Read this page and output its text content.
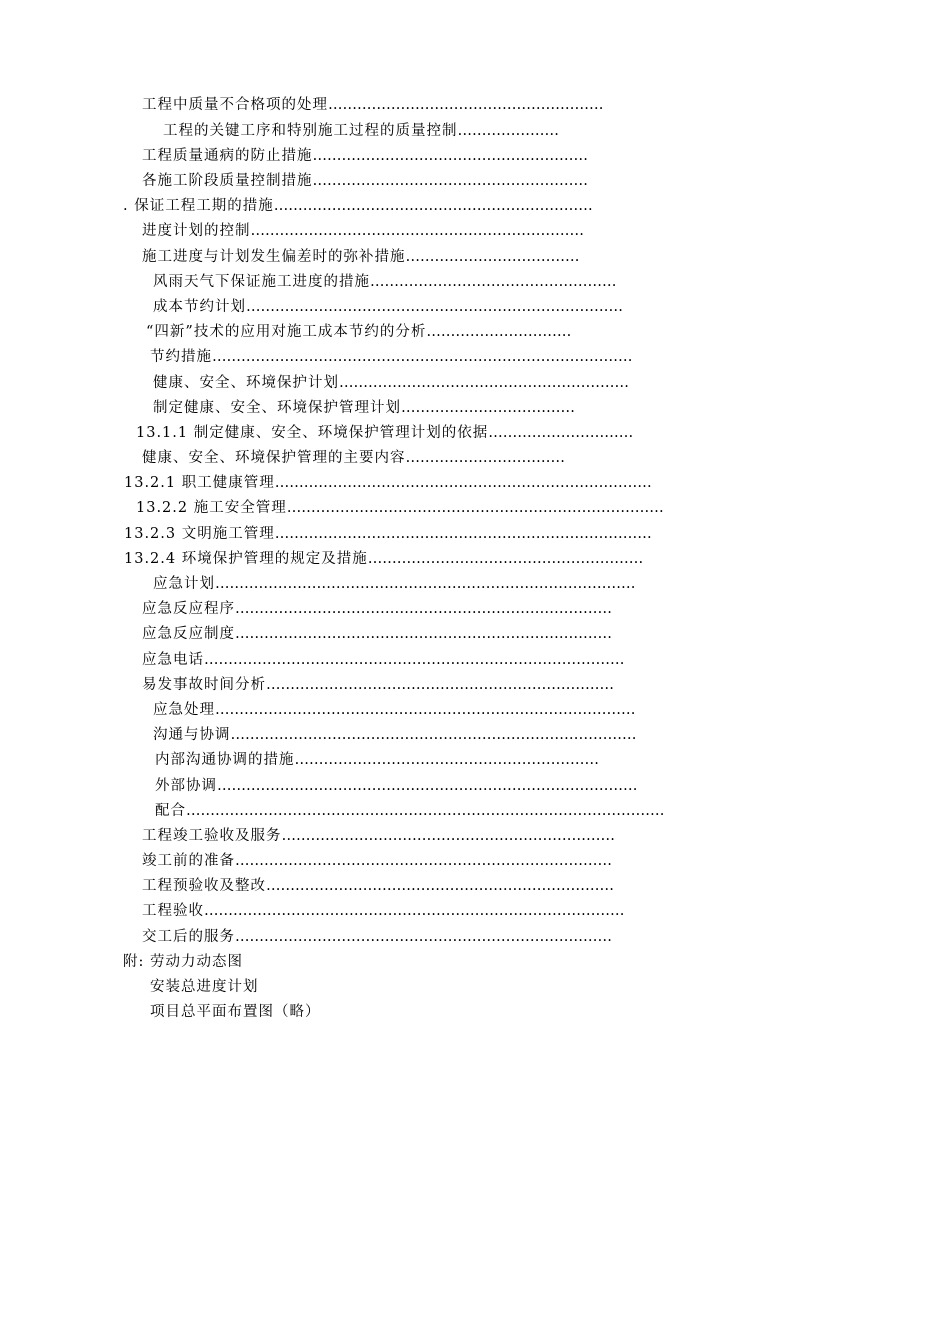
工程中质量不合格项的处理…………………………………………………
工程的关键工序和特别施工过程的质量控制…………………
工程质量通病的防止措施…………………………………………………
各施工阶段质量控制措施…………………………………………………
. 保证工程工期的措施…………………………………………………………
进度计划的控制……………………………………………………………
施工进度与计划发生偏差时的弥补措施………………………………
风雨天气下保证施工进度的措施……………………………………………
成本节约计划……………………………………………………………………
“四新”技术的应用对施工成本节约的分析…………………………
节约措施……………………………………………………………………………
健康、安全、环境保护计划……………………………………………………
制定健康、安全、环境保护管理计划………………………………
13.1.1 制定健康、安全、环境保护管理计划的依据…………………………
健康、安全、环境保护管理的主要内容……………………………
13.2.1 职工健康管理……………………………………………………………………
13.2.2 施工安全管理……………………………………………………………………
13.2.3 文明施工管理……………………………………………………………………
13.2.4 环境保护管理的规定及措施…………………………………………………
应急计划……………………………………………………………………………
应急反应程序……………………………………………………………………
应急反应制度……………………………………………………………………
应急电话……………………………………………………………………………
易发事故时间分析………………………………………………………………
应急处理……………………………………………………………………………
沟通与协调…………………………………………………………………………
内部沟通协调的措施………………………………………………………
外部协调……………………………………………………………………………
配合………………………………………………………………………………………
工程竣工验收及服务……………………………………………………………
竣工前的准备……………………………………………………………………
工程预验收及整改………………………………………………………………
工程验收……………………………………………………………………………
交工后的服务……………………………………………………………………
附: 劳动力动态图
安装总进度计划
项目总平面布置图（略）
